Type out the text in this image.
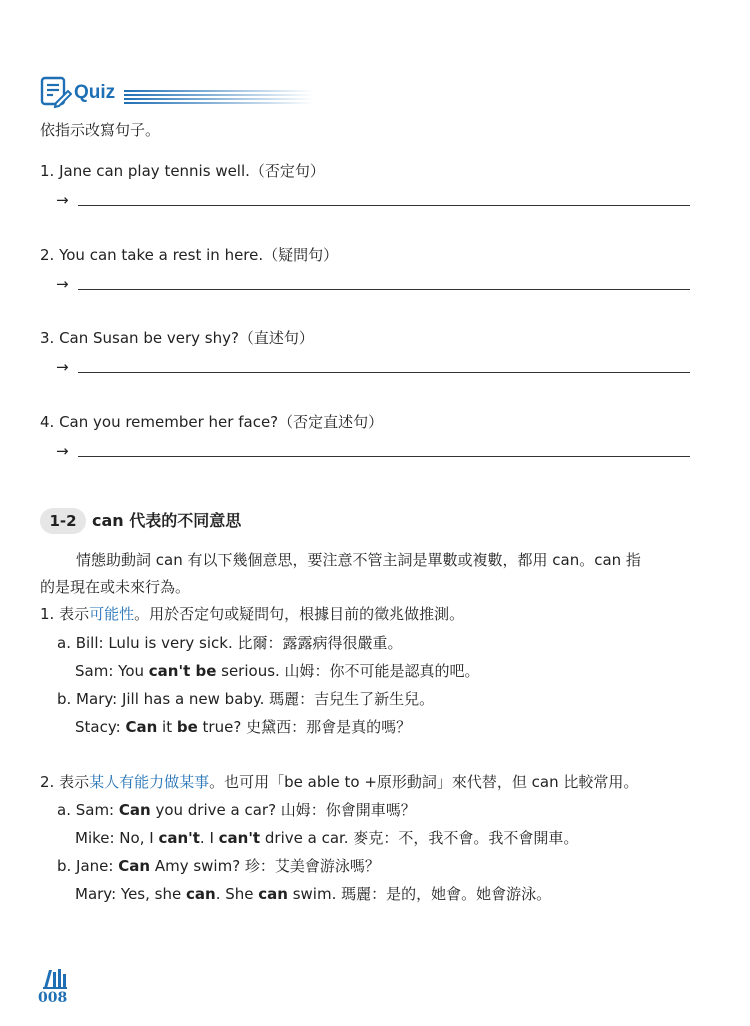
Quiz
依指示改寫句子。
1. Jane can play tennis well.（否定句）
→
2. You can take a rest in here.（疑問句）
→
3. Can Susan be very shy?（直述句）
→
4. Can you remember her face?（否定直述句）
→
1-2 can 代表的不同意思
情態助動詞 can 有以下幾個意思，要注意不管主詞是單數或複數，都用 can。can 指
的是現在或未來行為。
1. 表示可能性。用於否定句或疑問句，根據目前的徵兆做推測。
a. Bill: Lulu is very sick. 比爾：露露病得很嚴重。
Sam: You can't be serious. 山姆：你不可能是認真的吧。
b. Mary: Jill has a new baby. 瑪麗：吉兒生了新生兒。
Stacy: Can it be true? 史黛西：那會是真的嗎？
2. 表示某人有能力做某事。也可用「be able to +原形動詞」來代替，但 can 比較常用。
a. Sam: Can you drive a car? 山姆：你會開車嗎？
Mike: No, I can't. I can't drive a car. 麥克：不，我不會。我不會開車。
b. Jane: Can Amy swim? 珍：艾美會游泳嗎？
Mary: Yes, she can. She can swim. 瑪麗：是的，她會。她會游泳。
008
